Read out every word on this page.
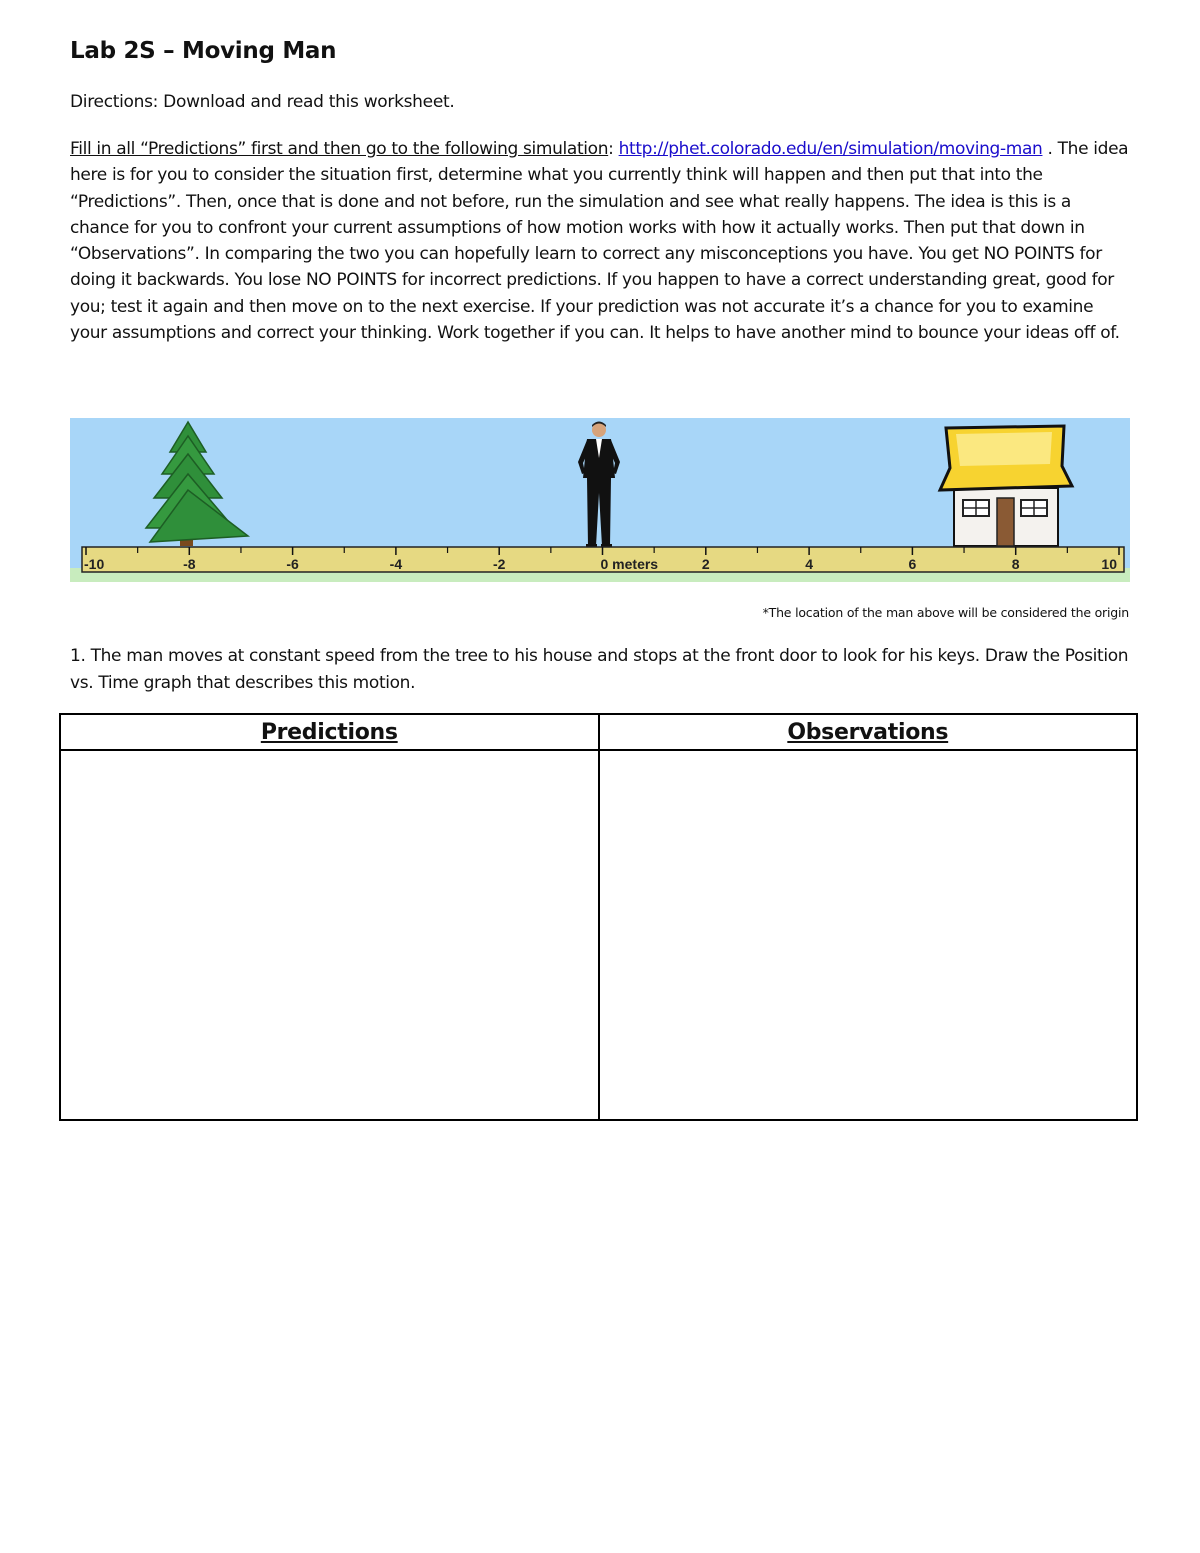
Lab 2S – Moving Man
Directions: Download and read this worksheet.
Fill in all “Predictions” first and then go to the following simulation: http://phet.colorado.edu/en/simulation/moving-man . The idea here is for you to consider the situation first, determine what you currently think will happen and then put that into the “Predictions”. Then, once that is done and not before, run the simulation and see what really happens. The idea is this is a chance for you to confront your current assumptions of how motion works with how it actually works. Then put that down in “Observations”. In comparing the two you can hopefully learn to correct any misconceptions you have. You get NO POINTS for doing it backwards. You lose NO POINTS for incorrect predictions. If you happen to have a correct understanding great, good for you; test it again and then move on to the next exercise. If your prediction was not accurate it’s a chance for you to examine your assumptions and correct your thinking. Work together if you can. It helps to have another mind to bounce your ideas off of.
-10	-8	-6	-4	-2	0 meters	2	4	6	8	10
*The location of the man above will be considered the origin
1. The man moves at constant speed from the tree to his house and stops at the front door to look for his keys. Draw the Position vs. Time graph that describes this motion.
Predictions	Observations
